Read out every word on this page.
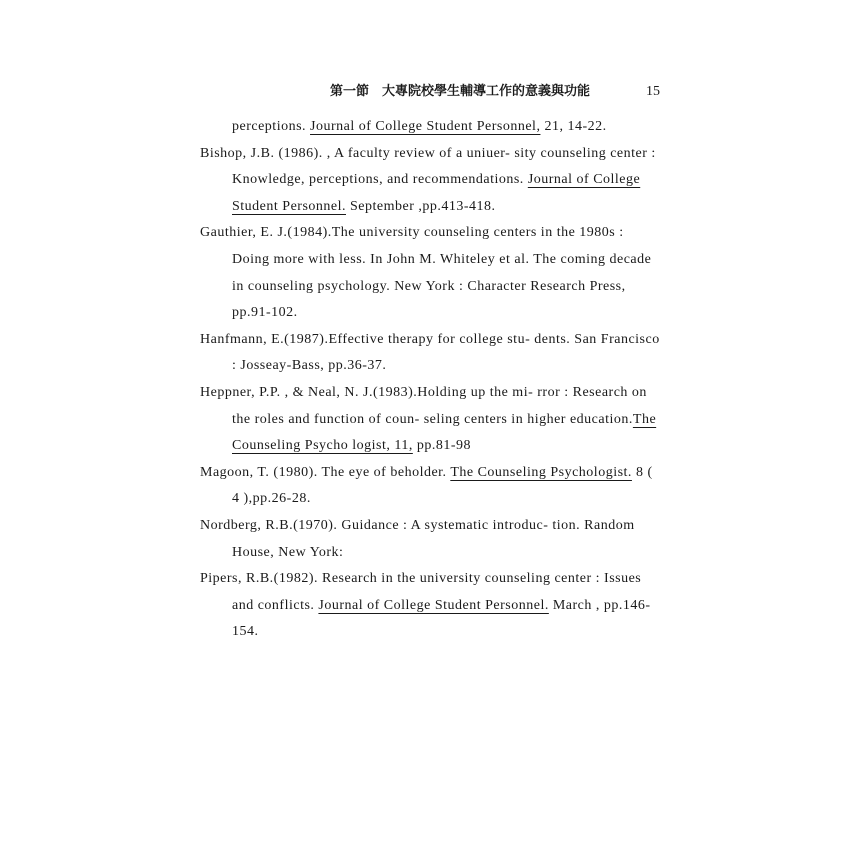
第一節　大專院校學生輔導工作的意義與功能	15

perceptions. Journal of College Student Personnel, 21, 14-22.

Bishop, J.B. (1986). , A faculty review of a uniuer- sity counseling center : Knowledge, perceptions, and recommendations. Journal of College Student Personnel. September ,pp.413-418.

Gauthier, E. J.(1984).The university counseling centers in the 1980s : Doing more with less. In John M. Whiteley et al. The coming decade in counseling psychology. New York : Character Research Press, pp.91-102.

Hanfmann, E.(1987).Effective therapy for college stu- dents. San Francisco : Josseay-Bass, pp.36-37.

Heppner, P.P. , & Neal, N. J.(1983).Holding up the mi- rror : Research on the roles and function of coun- seling centers in higher education.The Counseling Psycho logist, 11, pp.81-98

Magoon, T. (1980). The eye of beholder. The Counseling Psychologist. 8 ( 4 ),pp.26-28.

Nordberg, R.B.(1970). Guidance : A systematic introduc- tion. Random House, New York:

Pipers, R.B.(1982). Research in the university counseling center : Issues and conflicts. Journal of College Student Personnel. March , pp.146-154.
